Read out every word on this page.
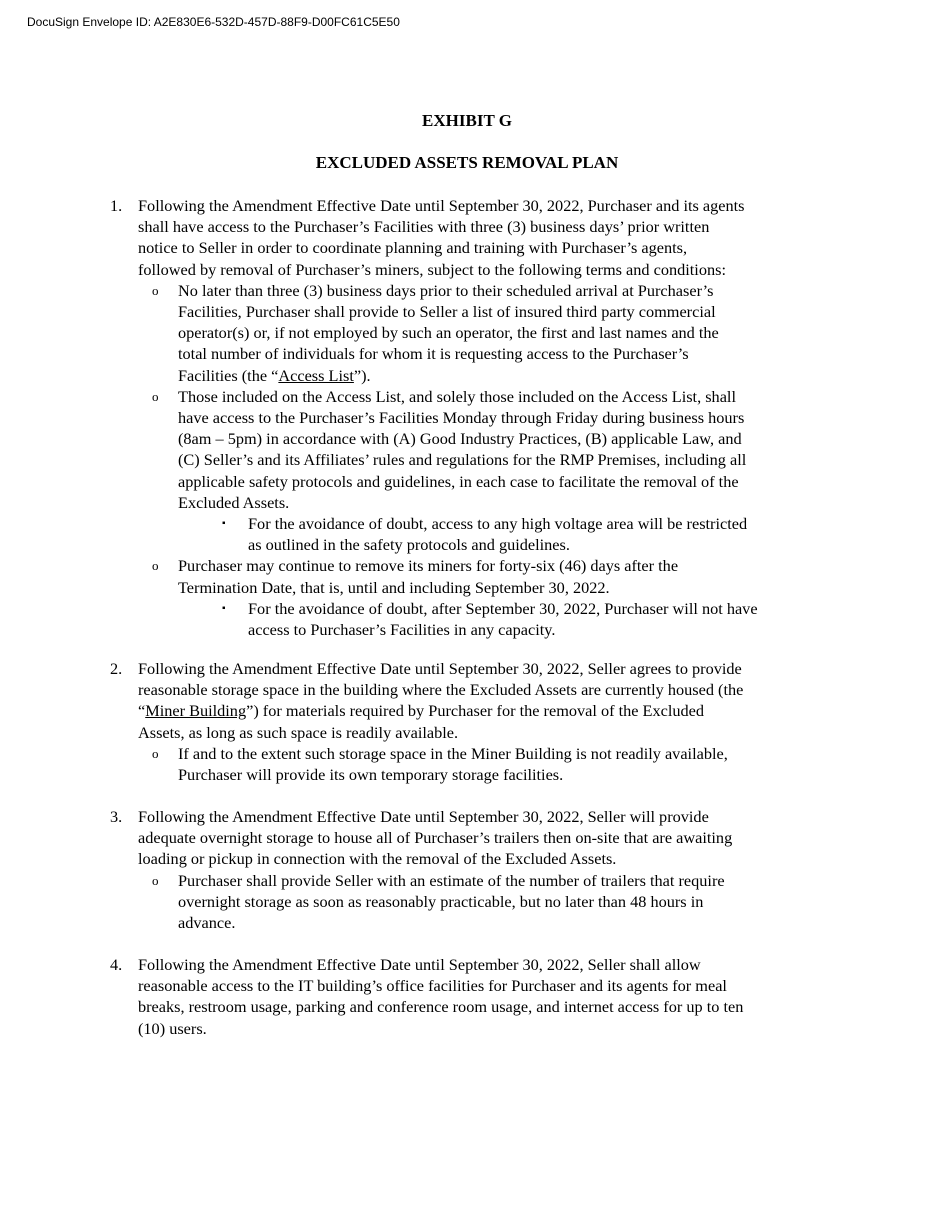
DocuSign Envelope ID: A2E830E6-532D-457D-88F9-D00FC61C5E50
EXHIBIT G
EXCLUDED ASSETS REMOVAL PLAN
1. Following the Amendment Effective Date until September 30, 2022, Purchaser and its agents
shall have access to the Purchaser’s Facilities with three (3) business days’ prior written
notice to Seller in order to coordinate planning and training with Purchaser’s agents,
followed by removal of Purchaser’s miners, subject to the following terms and conditions:
o No later than three (3) business days prior to their scheduled arrival at Purchaser’s
Facilities, Purchaser shall provide to Seller a list of insured third party commercial
operator(s) or, if not employed by such an operator, the first and last names and the
total number of individuals for whom it is requesting access to the Purchaser’s
Facilities (the “Access List”).
o Those included on the Access List, and solely those included on the Access List, shall
have access to the Purchaser’s Facilities Monday through Friday during business hours
(8am – 5pm) in accordance with (A) Good Industry Practices, (B) applicable Law, and
(C) Seller’s and its Affiliates’ rules and regulations for the RMP Premises, including all
applicable safety protocols and guidelines, in each case to facilitate the removal of the
Excluded Assets.
▪ For the avoidance of doubt, access to any high voltage area will be restricted
as outlined in the safety protocols and guidelines.
o Purchaser may continue to remove its miners for forty-six (46) days after the
Termination Date, that is, until and including September 30, 2022.
▪ For the avoidance of doubt, after September 30, 2022, Purchaser will not have
access to Purchaser’s Facilities in any capacity.
2. Following the Amendment Effective Date until September 30, 2022, Seller agrees to provide
reasonable storage space in the building where the Excluded Assets are currently housed (the
“Miner Building”) for materials required by Purchaser for the removal of the Excluded
Assets, as long as such space is readily available.
o If and to the extent such storage space in the Miner Building is not readily available,
Purchaser will provide its own temporary storage facilities.
3. Following the Amendment Effective Date until September 30, 2022, Seller will provide
adequate overnight storage to house all of Purchaser’s trailers then on-site that are awaiting
loading or pickup in connection with the removal of the Excluded Assets.
o Purchaser shall provide Seller with an estimate of the number of trailers that require
overnight storage as soon as reasonably practicable, but no later than 48 hours in
advance.
4. Following the Amendment Effective Date until September 30, 2022, Seller shall allow
reasonable access to the IT building’s office facilities for Purchaser and its agents for meal
breaks, restroom usage, parking and conference room usage, and internet access for up to ten
(10) users.
